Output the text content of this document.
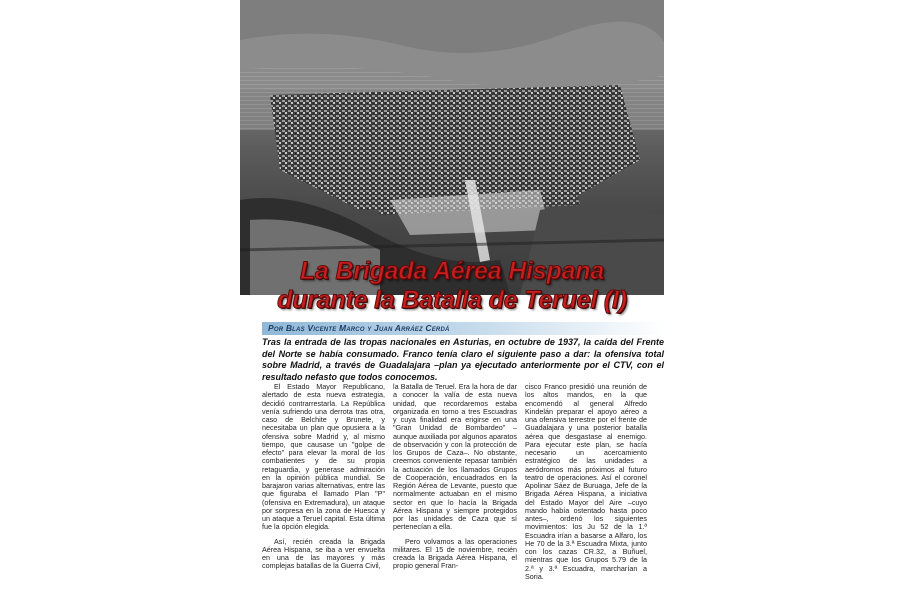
La Brigada Aérea Hispana
durante la Batalla de Teruel (I)
Por Blas Vicente Marco y Juan Arráez Cerdá

Tras la entrada de las tropas nacionales en Asturias, en octubre de 1937, la caída del Frente del Norte se había consumado. Franco tenía claro el siguiente paso a dar: la ofensiva total sobre Madrid, a través de Guadalajara –plan ya ejecutado anteriormente por el CTV, con el resultado nefasto que todos conocemos.

El Estado Mayor Republicano, alertado de esta nueva estrategia, decidió contrarrestarla. La República venía sufriendo una derrota tras otra, caso de Belchite y Brunete, y necesitaba un plan que opusiera a la ofensiva sobre Madrid y, al mismo tiempo, que causase un "golpe de efecto" para elevar la moral de los combatientes y de su propia retaguardia, y generase admiración en la opinión pública mundial. Se barajaron varias alternativas, entre las que figuraba el llamado Plan "P" (ofensiva en Extremadura), un ataque por sorpresa en la zona de Huesca y un ataque a Teruel capital. Esta última fue la opción elegida.

Así, recién creada la Brigada Aérea Hispana, se iba a ver envuelta en una de las mayores y más complejas batallas de la Guerra Civil,

la Batalla de Teruel. Era la hora de dar a conocer la valía de esta nueva unidad, que recordaremos estaba organizada en torno a tres Escuadras y cuya finalidad era erigirse en una "Gran Unidad de Bombardeo" –aunque auxiliada por algunos aparatos de observación y con la protección de los Grupos de Caza–. No obstante, creemos conveniente repasar también la actuación de los llamados Grupos de Cooperación, encuadrados en la Región Aérea de Levante, puesto que normalmente actuaban en el mismo sector en que lo hacía la Brigada Aérea Hispana y siempre protegidos por las unidades de Caza que sí pertenecían a ella.

Pero volvamos a las operaciones militares. El 15 de noviembre, recién creada la Brigada Aérea Hispana, el propio general Fran-

cisco Franco presidió una reunión de los altos mandos, en la que encomendó al general Alfredo Kindelán preparar el apoyo aéreo a una ofensiva terrestre por el frente de Guadalajara y una posterior batalla aérea que desgastase al enemigo. Para ejecutar este plan, se hacía necesario un acercamiento estratégico de las unidades a aeródromos más próximos al futuro teatro de operaciones. Así el coronel Apolinar Sáez de Buruaga, Jefe de la Brigada Aérea Hispana, a iniciativa del Estado Mayor del Aire –cuyo mando había ostentado hasta poco antes–, ordenó los siguientes movimientos: los Ju 52 de la 1.ª Escuadra irían a basarse a Alfaro, los He 70 de la 3.ª Escuadra Mixta, junto con los cazas CR.32, a Buñuel, mientras que los Grupos 5.79 de la 2.ª y 3.ª Escuadra, marcharían a Soria.
